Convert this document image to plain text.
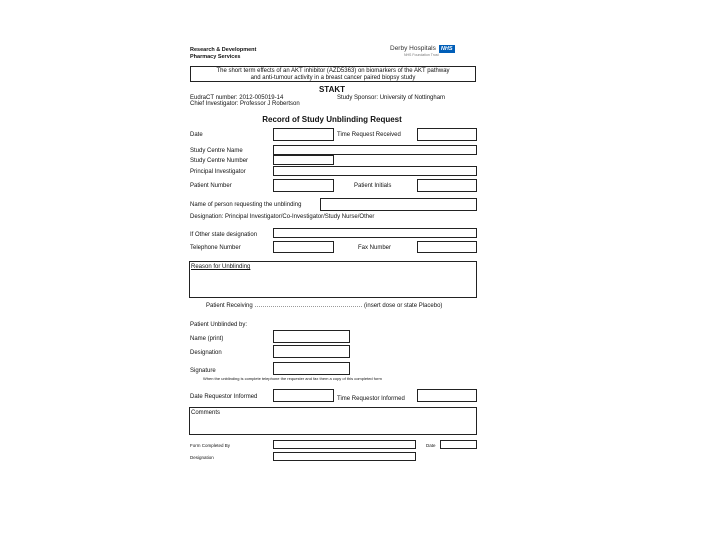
Research & Development
Pharmacy Services
Derby Hospitals NHS
NHS Foundation Trust
The short term effects of an AKT inhibitor (AZD5363) on biomarkers of the AKT pathway
and anti-tumour activity in a breast cancer paired biopsy study
STAKT
EudraCT number: 2012-005019-14	Study Sponsor: University of Nottingham
Chief Investigator: Professor J Robertson
Record of Study Unblinding Request
Date	Time Request Received
Study Centre Name
Study Centre Number
Principal Investigator
Patient Number	Patient Initials
Name of person requesting the unblinding
Designation: Principal Investigator/Co-Investigator/Study Nurse/Other
If Other state designation
Telephone Number	Fax Number
Reason for Unblinding
Patient Receiving ……………………………………………… (insert dose or state Placebo)
Patient Unblinded by:
Name (print)
Designation
Signature
When the unblinding is complete telephone the requester and fax them a copy of this completed form
Date Requestor Informed	Time Requestor Informed
Comments
Form Completed By	Date
Designation
